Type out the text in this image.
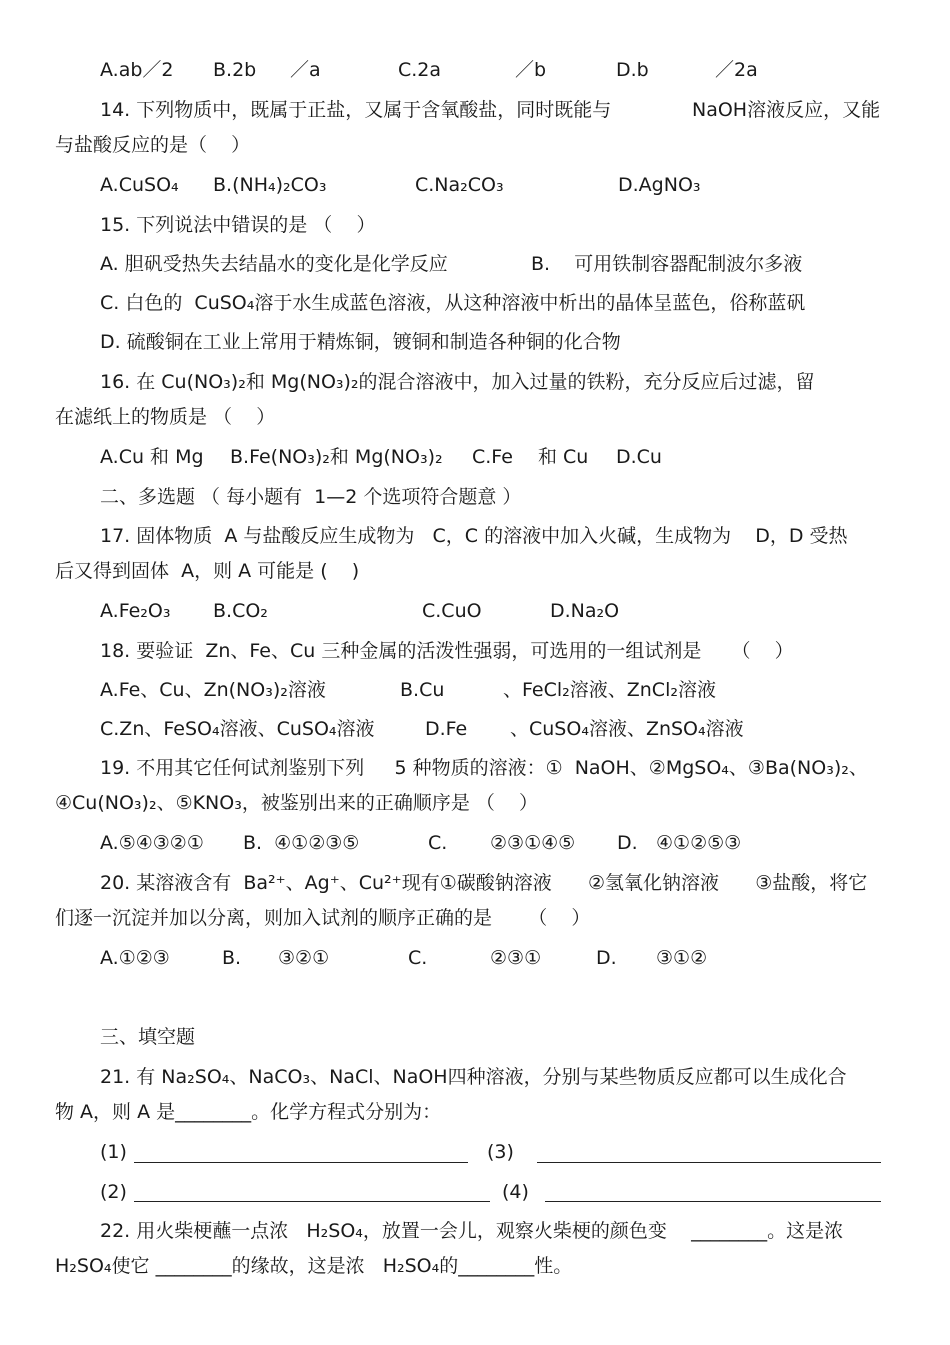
A.ab／2 B.2b ／a	C.2a	／b	D.b	／2a
14. 下列物质中，既属于正盐，又属于含氧酸盐，同时既能与	NaOH溶液反应，又能
与盐酸反应的是（    ）
A.CuSO₄ B.(NH₄)₂CO₃	C.Na₂CO₃	D.AgNO₃
15. 下列说法中错误的是 （    ）
A. 胆矾受热失去结晶水的变化是化学反应	B.    可用铁制容器配制波尔多液
C. 白色的  CuSO₄溶于水生成蓝色溶液，从这种溶液中析出的晶体呈蓝色，俗称蓝矾
D. 硫酸铜在工业上常用于精炼铜，镀铜和制造各种铜的化合物
16. 在 Cu(NO₃)₂和 Mg(NO₃)₂的混合溶液中，加入过量的铁粉，充分反应后过滤，留
在滤纸上的物质是 （    ）
A.Cu 和 Mg B.Fe(NO₃)₂和 Mg(NO₃)₂ C.Fe 和 Cu D.Cu
二、多选题 （ 每小题有  1—2 个选项符合题意 ）
17. 固体物质  A 与盐酸反应生成物为   C，C 的溶液中加入火碱，生成物为    D，D 受热
后又得到固体  A，则 A 可能是 (    )
A.Fe₂O₃ B.CO₂	C.CuO	D.Na₂O
18. 要验证  Zn、Fe、Cu 三种金属的活泼性强弱，可选用的一组试剂是     （    ）
A.Fe、Cu、Zn(NO₃)₂溶液	B.Cu	、FeCl₂溶液、ZnCl₂溶液
C.Zn、FeSO₄溶液、CuSO₄溶液	D.Fe 、CuSO₄溶液、ZnSO₄溶液
19. 不用其它任何试剂鉴别下列     5 种物质的溶液：①  NaOH、②MgSO₄、③Ba(NO₃)₂、
④Cu(NO₃)₂、⑤KNO₃，被鉴别出来的正确顺序是 （    ）
A.⑤④③②① B.  ④①②③⑤	C. ②③①④⑤ D. ④①②⑤③
20. 某溶液含有  Ba²⁺、Ag⁺、Cu²⁺现有①碳酸钠溶液      ②氢氧化钠溶液      ③盐酸，将它
们逐一沉淀并加以分离，则加入试剂的顺序正确的是      （    ）
A.①②③	B. ③②①	C.	②③①	D. ③①②
三、填空题
21. 有 Na₂SO₄、NaCO₃、NaCl、NaOH四种溶液，分别与某些物质反应都可以生成化合
物 A，则 A 是________。化学方程式分别为：
(1)	(3)
(2)	(4)
22. 用火柴梗蘸一点浓   H₂SO₄，放置一会儿，观察火柴梗的颜色变    ________。这是浓
H₂SO₄使它 ________的缘故，这是浓   H₂SO₄的________性。
